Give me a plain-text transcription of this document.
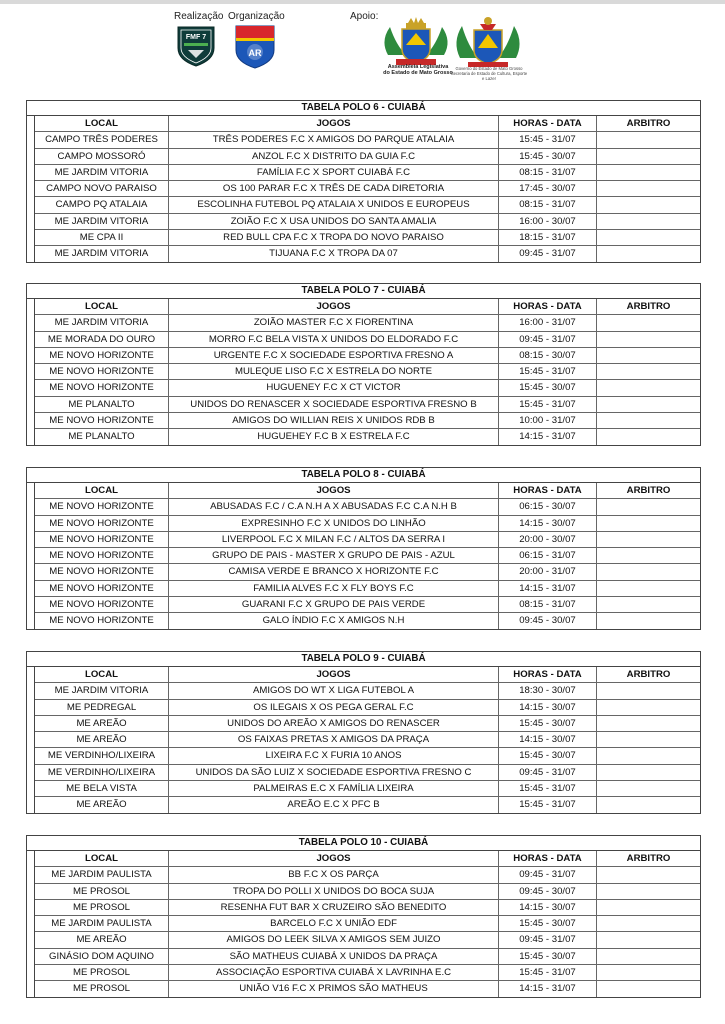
Realização Organização	Apoio:
FMF 7
AR
Assembleia Legislativa
do Estado de Mato Grosso
Governo do Estado de Mato Grosso
Secretaria de Estado de Cultura, Esporte e Lazer
TABELA POLO 6 - CUIABÁ
LOCAL	JOGOS	HORAS - DATA	ARBITRO
CAMPO TRÊS PODERES	TRÊS PODERES F.C X AMIGOS DO PARQUE ATALAIA	15:45 - 31/07
CAMPO MOSSORÓ	ANZOL F.C X DISTRITO DA GUIA F.C	15:45 - 30/07
ME JARDIM VITORIA	FAMÍLIA F.C X SPORT CUIABÁ F.C	08:15 - 31/07
CAMPO NOVO PARAISO	OS 100 PARAR F.C X TRÊS DE CADA DIRETORIA	17:45 - 30/07
CAMPO PQ ATALAIA	ESCOLINHA FUTEBOL PQ ATALAIA X UNIDOS E EUROPEUS	08:15 - 31/07
ME JARDIM VITORIA	ZOIÃO F.C X USA UNIDOS DO SANTA AMALIA	16:00 - 30/07
ME CPA II	RED BULL CPA F.C X TROPA DO NOVO PARAISO	18:15 - 31/07
ME JARDIM VITORIA	TIJUANA F.C X TROPA DA 07	09:45 - 31/07
TABELA POLO 7 - CUIABÁ
LOCAL	JOGOS	HORAS - DATA	ARBITRO
ME JARDIM VITORIA	ZOIÃO MASTER F.C X FIORENTINA	16:00 - 31/07
ME MORADA DO OURO	MORRO F.C BELA VISTA X UNIDOS DO ELDORADO F.C	09:45 - 31/07
ME NOVO HORIZONTE	URGENTE F.C X SOCIEDADE ESPORTIVA FRESNO A	08:15 - 30/07
ME NOVO HORIZONTE	MULEQUE LISO F.C X ESTRELA DO NORTE	15:45 - 31/07
ME NOVO HORIZONTE	HUGUENEY F.C X CT VICTOR	15:45 - 30/07
ME PLANALTO	UNIDOS DO RENASCER X SOCIEDADE ESPORTIVA FRESNO B	15:45 - 31/07
ME NOVO HORIZONTE	AMIGOS DO WILLIAN REIS X UNIDOS RDB B	10:00 - 31/07
ME PLANALTO	HUGUEHEY F.C B X ESTRELA F.C	14:15 - 31/07
TABELA POLO 8 - CUIABÁ
LOCAL	JOGOS	HORAS - DATA	ARBITRO
ME NOVO HORIZONTE	ABUSADAS F.C / C.A N.H A X ABUSADAS F.C C.A N.H B	06:15 - 30/07
ME NOVO HORIZONTE	EXPRESINHO F.C X UNIDOS DO LINHÃO	14:15 - 30/07
ME NOVO HORIZONTE	LIVERPOOL F.C X MILAN F.C / ALTOS DA SERRA I	20:00 - 30/07
ME NOVO HORIZONTE	GRUPO DE PAIS - MASTER X GRUPO DE PAIS - AZUL	06:15 - 31/07
ME NOVO HORIZONTE	CAMISA VERDE E BRANCO X HORIZONTE F.C	20:00 - 31/07
ME NOVO HORIZONTE	FAMILIA ALVES F.C X FLY BOYS F.C	14:15 - 31/07
ME NOVO HORIZONTE	GUARANI F.C X GRUPO DE PAIS VERDE	08:15 - 31/07
ME NOVO HORIZONTE	GALO ÍNDIO F.C X AMIGOS N.H	09:45 - 30/07
TABELA POLO 9 - CUIABÁ
LOCAL	JOGOS	HORAS - DATA	ARBITRO
ME JARDIM VITORIA	AMIGOS DO WT X LIGA FUTEBOL A	18:30 - 30/07
ME PEDREGAL	OS ILEGAIS X OS PEGA GERAL F.C	14:15 - 30/07
ME AREÃO	UNIDOS DO AREÃO X AMIGOS DO RENASCER	15:45 - 30/07
ME AREÃO	OS FAIXAS PRETAS X AMIGOS DA PRAÇA	14:15 - 30/07
ME VERDINHO/LIXEIRA	LIXEIRA F.C X FURIA 10 ANOS	15:45 - 30/07
ME VERDINHO/LIXEIRA	UNIDOS DA SÃO LUIZ X SOCIEDADE ESPORTIVA FRESNO C	09:45 - 31/07
ME BELA VISTA	PALMEIRAS E.C X FAMÍLIA LIXEIRA	15:45 - 31/07
ME AREÃO	AREÃO E.C X PFC B	15:45 - 31/07
TABELA POLO 10 - CUIABÁ
LOCAL	JOGOS	HORAS - DATA	ARBITRO
ME JARDIM PAULISTA	BB F.C X OS PARÇA	09:45 - 31/07
ME PROSOL	TROPA DO POLLI X UNIDOS DO BOCA SUJA	09:45 - 30/07
ME PROSOL	RESENHA FUT BAR X CRUZEIRO SÃO BENEDITO	14:15 - 30/07
ME JARDIM PAULISTA	BARCELO F.C X UNIÃO EDF	15:45 - 30/07
ME AREÃO	AMIGOS DO LEEK SILVA X AMIGOS SEM JUIZO	09:45 - 31/07
GINÁSIO DOM AQUINO	SÃO MATHEUS CUIABÁ X UNIDOS DA PRAÇA	15:45 - 30/07
ME PROSOL	ASSOCIAÇÃO ESPORTIVA CUIABÁ X LAVRINHA E.C	15:45 - 31/07
ME PROSOL	UNIÃO V16 F.C X PRIMOS SÃO MATHEUS	14:15 - 31/07
